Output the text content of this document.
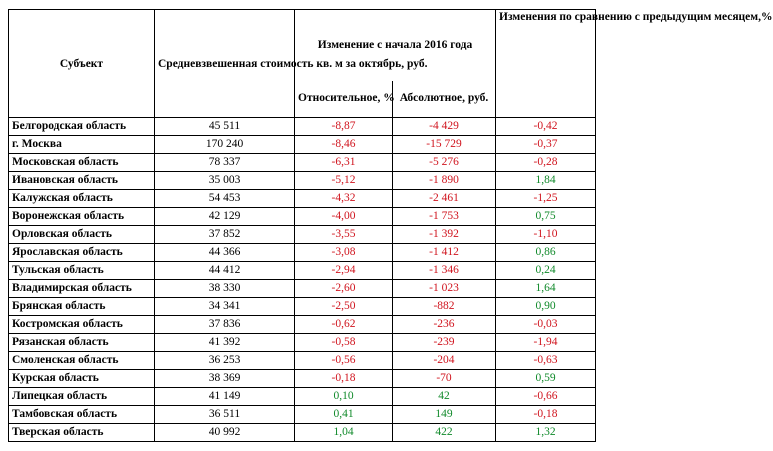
Субъект	Средневзвешенная стоимость кв. м за октябрь, руб.	Изменение с начала 2016 года		Изменения по сравнению с предыдущим месяцем,%
		Относительное, %	Абсолютное, руб.	
Белгородская область	45 511	-8,87	-4 429	-0,42
г. Москва	170 240	-8,46	-15 729	-0,37
Московская область	78 337	-6,31	-5 276	-0,28
Ивановская область	35 003	-5,12	-1 890	1,84
Калужская область	54 453	-4,32	-2 461	-1,25
Воронежская область	42 129	-4,00	-1 753	0,75
Орловская область	37 852	-3,55	-1 392	-1,10
Ярославская область	44 366	-3,08	-1 412	0,86
Тульская область	44 412	-2,94	-1 346	0,24
Владимирская область	38 330	-2,60	-1 023	1,64
Брянская область	34 341	-2,50	-882	0,90
Костромская область	37 836	-0,62	-236	-0,03
Рязанская область	41 392	-0,58	-239	-1,94
Смоленская область	36 253	-0,56	-204	-0,63
Курская область	38 369	-0,18	-70	0,59
Липецкая область	41 149	0,10	42	-0,66
Тамбовская область	36 511	0,41	149	-0,18
Тверская область	40 992	1,04	422	1,32
